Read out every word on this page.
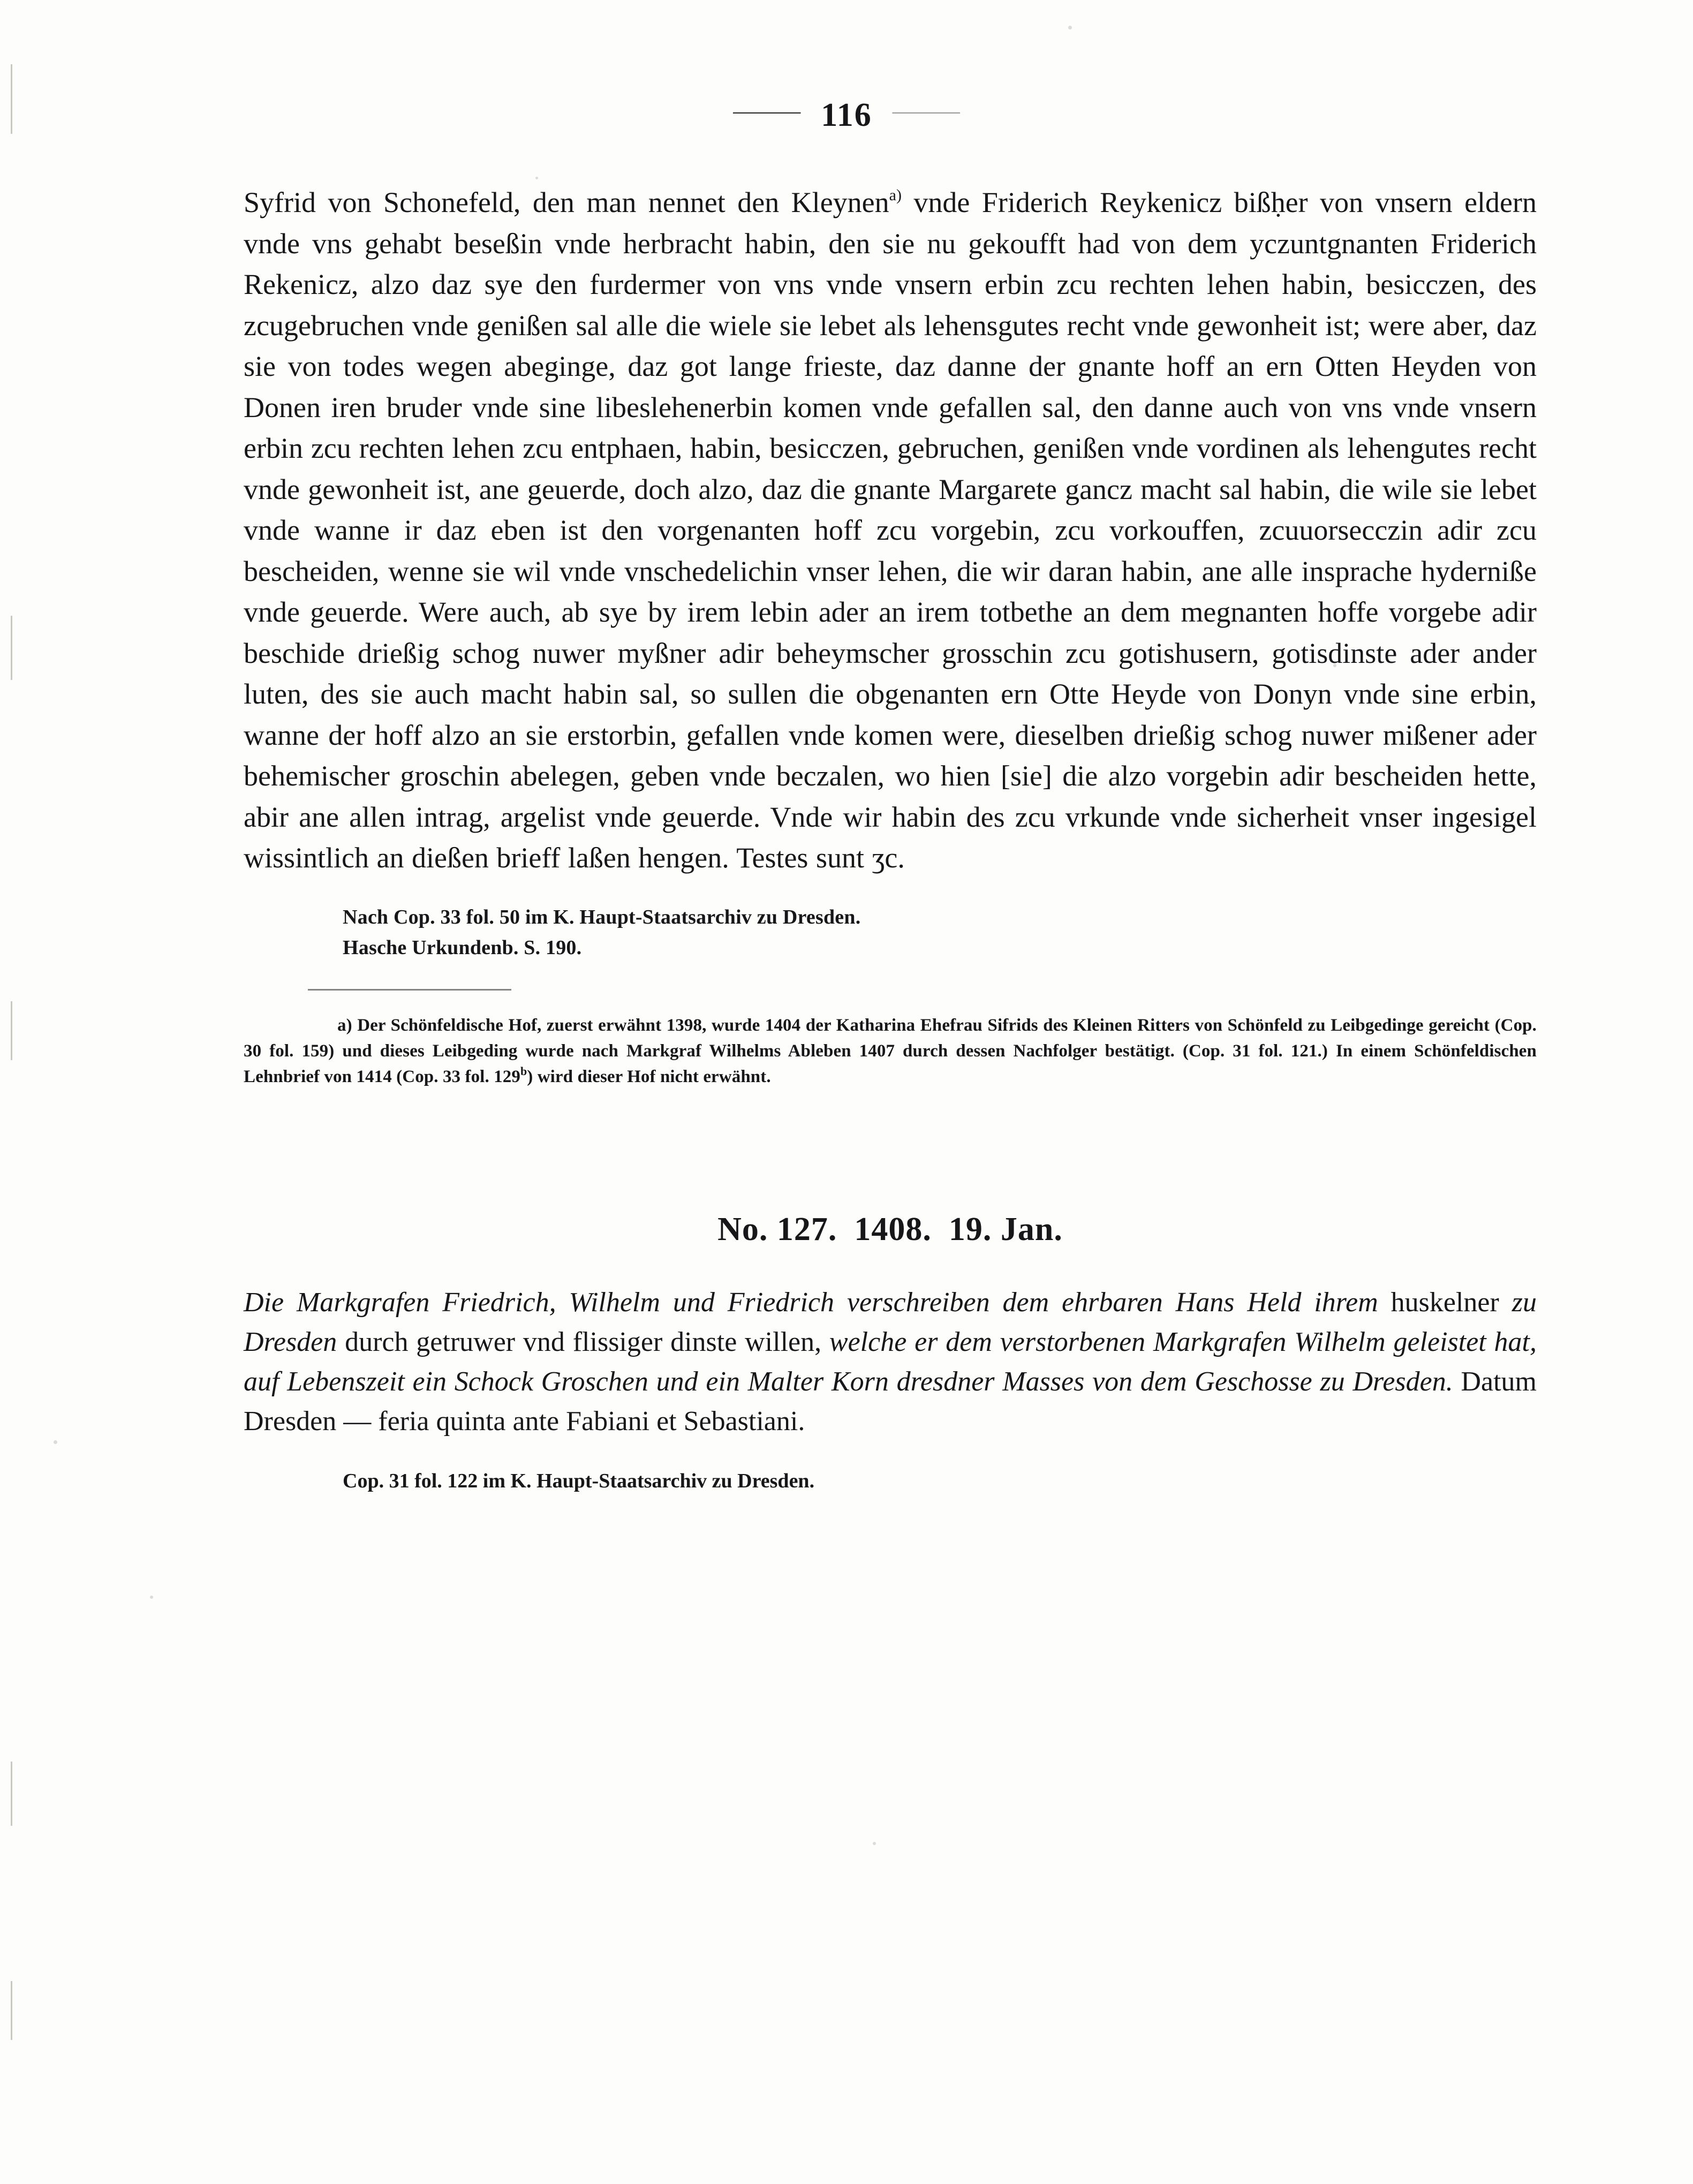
——— 116 ———

Syfrid von Schonefeld, den man nennet den Kleynen$^{a)}$ vnde Friderich Reykenicz bißḥer von vnsern eldern vnde vns gehabt beseßin vnde herbracht habin, den sie nu gekoufft had von dem yczuntgnanten Friderich Rekenicz, alzo daz sye den furdermer von vns vnde vnsern erbin zcu rechten lehen habin, besicczen, des zcugebruchen vnde genißen sal alle die wiele sie lebet als lehensgutes recht vnde gewonheit ist; were aber, daz sie von todes wegen abeginge, daz got lange frieste, daz danne der gnante hoff an ern Otten Heyden von Donen iren bruder vnde sine libeslehenerbin komen vnde gefallen sal, den danne auch von vns vnde vnsern erbin zcu rechten lehen zcu entphaen, habin, besicczen, gebruchen, genißen vnde vordinen als lehengutes recht vnde gewonheit ist, ane geuerde, doch alzo, daz die gnante Margarete gancz macht sal habin, die wile sie lebet vnde wanne ir daz eben ist den vorgenanten hoff zcu vorgebin, zcu vorkouffen, zcuuorsecczin adir zcu bescheiden, wenne sie wil vnde vnschedelichin vnser lehen, die wir daran habin, ane alle insprache hyderniße vnde geuerde. Were auch, ab sye by irem lebin ader an irem totbethe an dem megnanten hoffe vorgebe adir beschide drießig schog nuwer myßner adir beheymscher grosschin zcu gotishusern, gotisdinste ader ander luten, des sie auch macht habin sal, so sullen die obgenanten ern Otte Heyde von Donyn vnde sine erbin, wanne der hoff alzo an sie erstorbin, gefallen vnde komen were, dieselben drießig schog nuwer mißener ader behemischer groschin abelegen, geben vnde beczalen, wo hien [sie] die alzo vorgebin adir bescheiden hette, abir ane allen intrag, argelist vnde geuerde. Vnde wir habin des zcu vrkunde vnde sicherheit vnser ingesigel wissintlich an dießen brieff laßen hengen. Testes sunt ʒc.

Nach Cop. 33 fol. 50 im K. Haupt-Staatsarchiv zu Dresden.
Hasche Urkundenb. S. 190.
a) Der Schönfeldische Hof, zuerst erwähnt 1398, wurde 1404 der Katharina Ehefrau Sifrids des Kleinen Ritters von Schönfeld zu Leibgedinge gereicht (Cop. 30 fol. 159) und dieses Leibgeding wurde nach Markgraf Wilhelms Ableben 1407 durch dessen Nachfolger bestätigt. (Cop. 31 fol. 121.) In einem Schönfeldischen Lehnbrief von 1414 (Cop. 33 fol. 129$^b$) wird dieser Hof nicht erwähnt.
No. 127. 1408. 19. Jan.
Die Markgrafen Friedrich, Wilhelm und Friedrich verschreiben dem ehrbaren Hans Held ihrem huskelner zu Dresden durch getruwer vnd flissiger dinste willen, welche er dem verstorbenen Markgrafen Wilhelm geleistet hat, auf Lebenszeit ein Schock Groschen und ein Malter Korn dresdner Masses von dem Geschosse zu Dresden. Datum Dresden — feria quinta ante Fabiani et Sebastiani.
Cop. 31 fol. 122 im K. Haupt-Staatsarchiv zu Dresden.
